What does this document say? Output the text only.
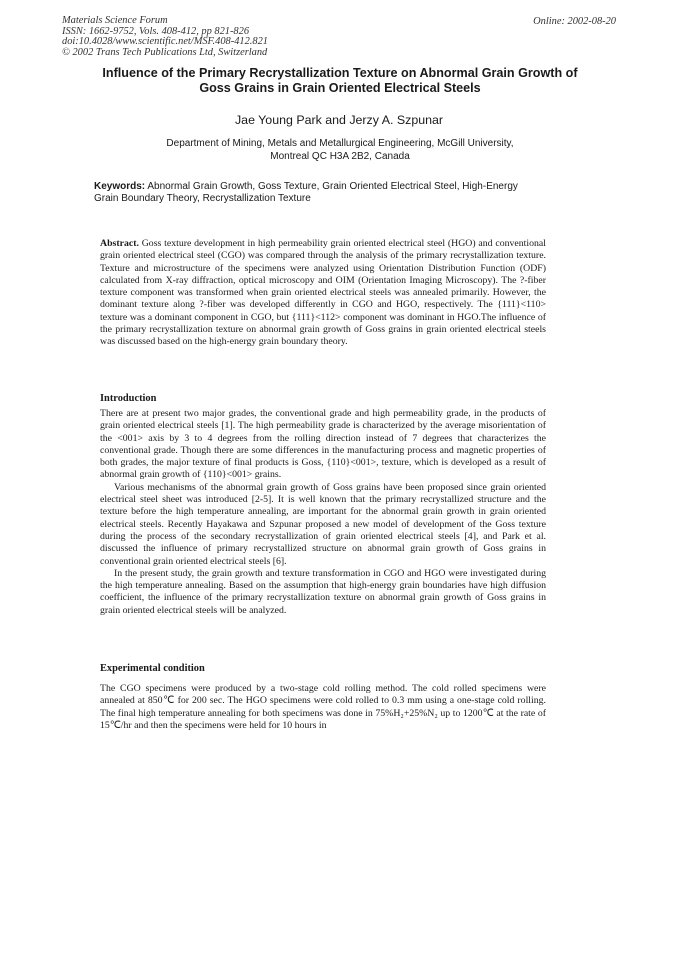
Materials Science Forum
ISSN: 1662-9752, Vols. 408-412, pp 821-826
doi:10.4028/www.scientific.net/MSF.408-412.821
© 2002 Trans Tech Publications Ltd, Switzerland
Online: 2002-08-20
Influence of the Primary Recrystallization Texture on Abnormal Grain Growth of Goss Grains in Grain Oriented Electrical Steels
Jae Young Park and Jerzy A. Szpunar
Department of Mining, Metals and Metallurgical Engineering, McGill University,
Montreal QC H3A 2B2, Canada
Keywords: Abnormal Grain Growth, Goss Texture, Grain Oriented Electrical Steel, High-Energy Grain Boundary Theory, Recrystallization Texture
Abstract. Goss texture development in high permeability grain oriented electrical steel (HGO) and conventional grain oriented electrical steel (CGO) was compared through the analysis of the primary recrystallization texture. Texture and microstructure of the specimens were analyzed using Orientation Distribution Function (ODF) calculated from X-ray diffraction, optical microscopy and OIM (Orientation Imaging Microscopy). The ?-fiber texture component was transformed when grain oriented electrical steels was annealed primarily. However, the dominant texture along ?-fiber was developed differently in CGO and HGO, respectively. The {111}<110> texture was a dominant component in CGO, but {111}<112> component was dominant in HGO.The influence of the primary recrystallization texture on abnormal grain growth of Goss grains in grain oriented electrical steels was discussed based on the high-energy grain boundary theory.
Introduction

There are at present two major grades, the conventional grade and high permeability grade, in the products of grain oriented electrical steels [1]. The high permeability grade is characterized by the average misorientation of the <001> axis by 3 to 4 degrees from the rolling direction instead of 7 degrees that characterizes the conventional grade. Though there are some differences in the manufacturing process and magnetic properties of both grades, the major texture of final products is Goss, {110}<001>, texture, which is developed as a result of abnormal grain growth of {110}<001> grains.

Various mechanisms of the abnormal grain growth of Goss grains have been proposed since grain oriented electrical steel sheet was introduced [2-5]. It is well known that the primary recrystallized structure and the texture before the high temperature annealing, are important for the abnormal grain growth in grain oriented electrical steels. Recently Hayakawa and Szpunar proposed a new model of development of the Goss texture during the process of the secondary recrystallization of grain oriented electrical steels [4], and Park et al. discussed the influence of primary recrystallized structure on abnormal grain growth of Goss grains in conventional grain oriented electrical steels [6].

In the present study, the grain growth and texture transformation in CGO and HGO were investigated during the high temperature annealing. Based on the assumption that high-energy grain boundaries have high diffusion coefficient, the influence of the primary recrystallization texture on abnormal grain growth of Goss grains in grain oriented electrical steels will be analyzed.

Experimental condition

The CGO specimens were produced by a two-stage cold rolling method. The cold rolled specimens were annealed at 850℃ for 200 sec. The HGO specimens were cold rolled to 0.3 mm using a one-stage cold rolling. The final high temperature annealing for both specimens was done in 75%H₂+25%N₂ up to 1200℃ at the rate of 15℃/hr and then the specimens were held for 10 hours in
